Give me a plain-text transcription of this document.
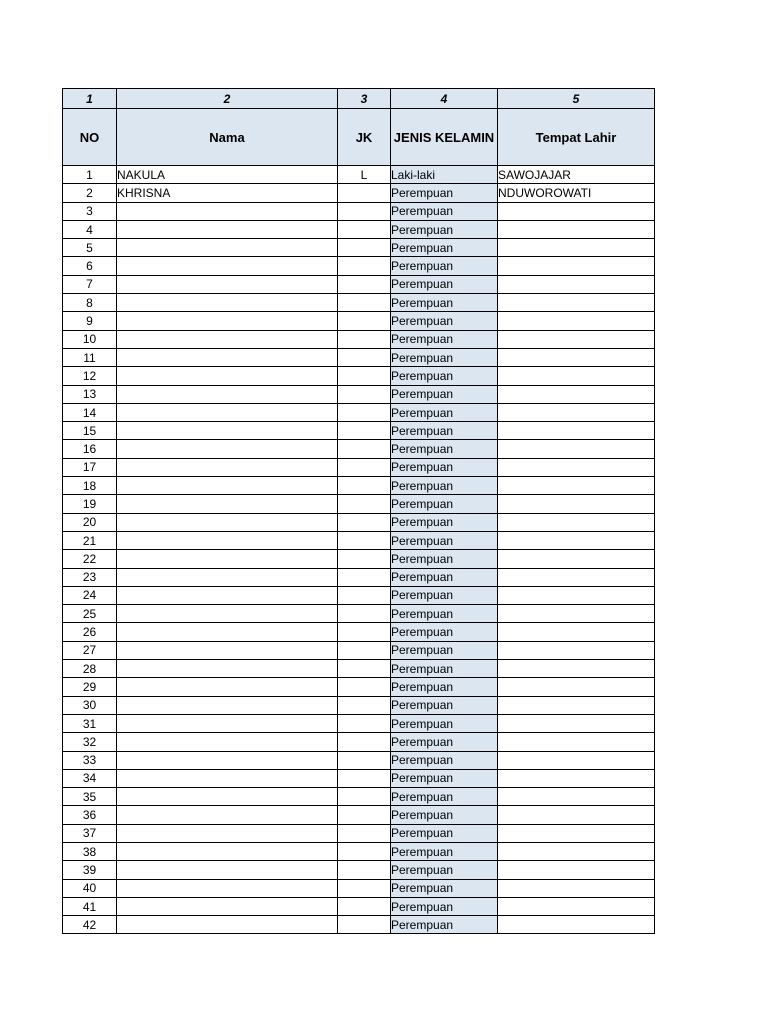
1	2	3	4	5
NO	Nama	JK	JENIS KELAMIN	Tempat Lahir
1	NAKULA	L	Laki-laki	SAWOJAJAR
2	KHRISNA		Perempuan	NDUWOROWATI
3			Perempuan	
4			Perempuan	
5			Perempuan	
6			Perempuan	
7			Perempuan	
8			Perempuan	
9			Perempuan	
10			Perempuan	
11			Perempuan	
12			Perempuan	
13			Perempuan	
14			Perempuan	
15			Perempuan	
16			Perempuan	
17			Perempuan	
18			Perempuan	
19			Perempuan	
20			Perempuan	
21			Perempuan	
22			Perempuan	
23			Perempuan	
24			Perempuan	
25			Perempuan	
26			Perempuan	
27			Perempuan	
28			Perempuan	
29			Perempuan	
30			Perempuan	
31			Perempuan	
32			Perempuan	
33			Perempuan	
34			Perempuan	
35			Perempuan	
36			Perempuan	
37			Perempuan	
38			Perempuan	
39			Perempuan	
40			Perempuan	
41			Perempuan	
42			Perempuan	
